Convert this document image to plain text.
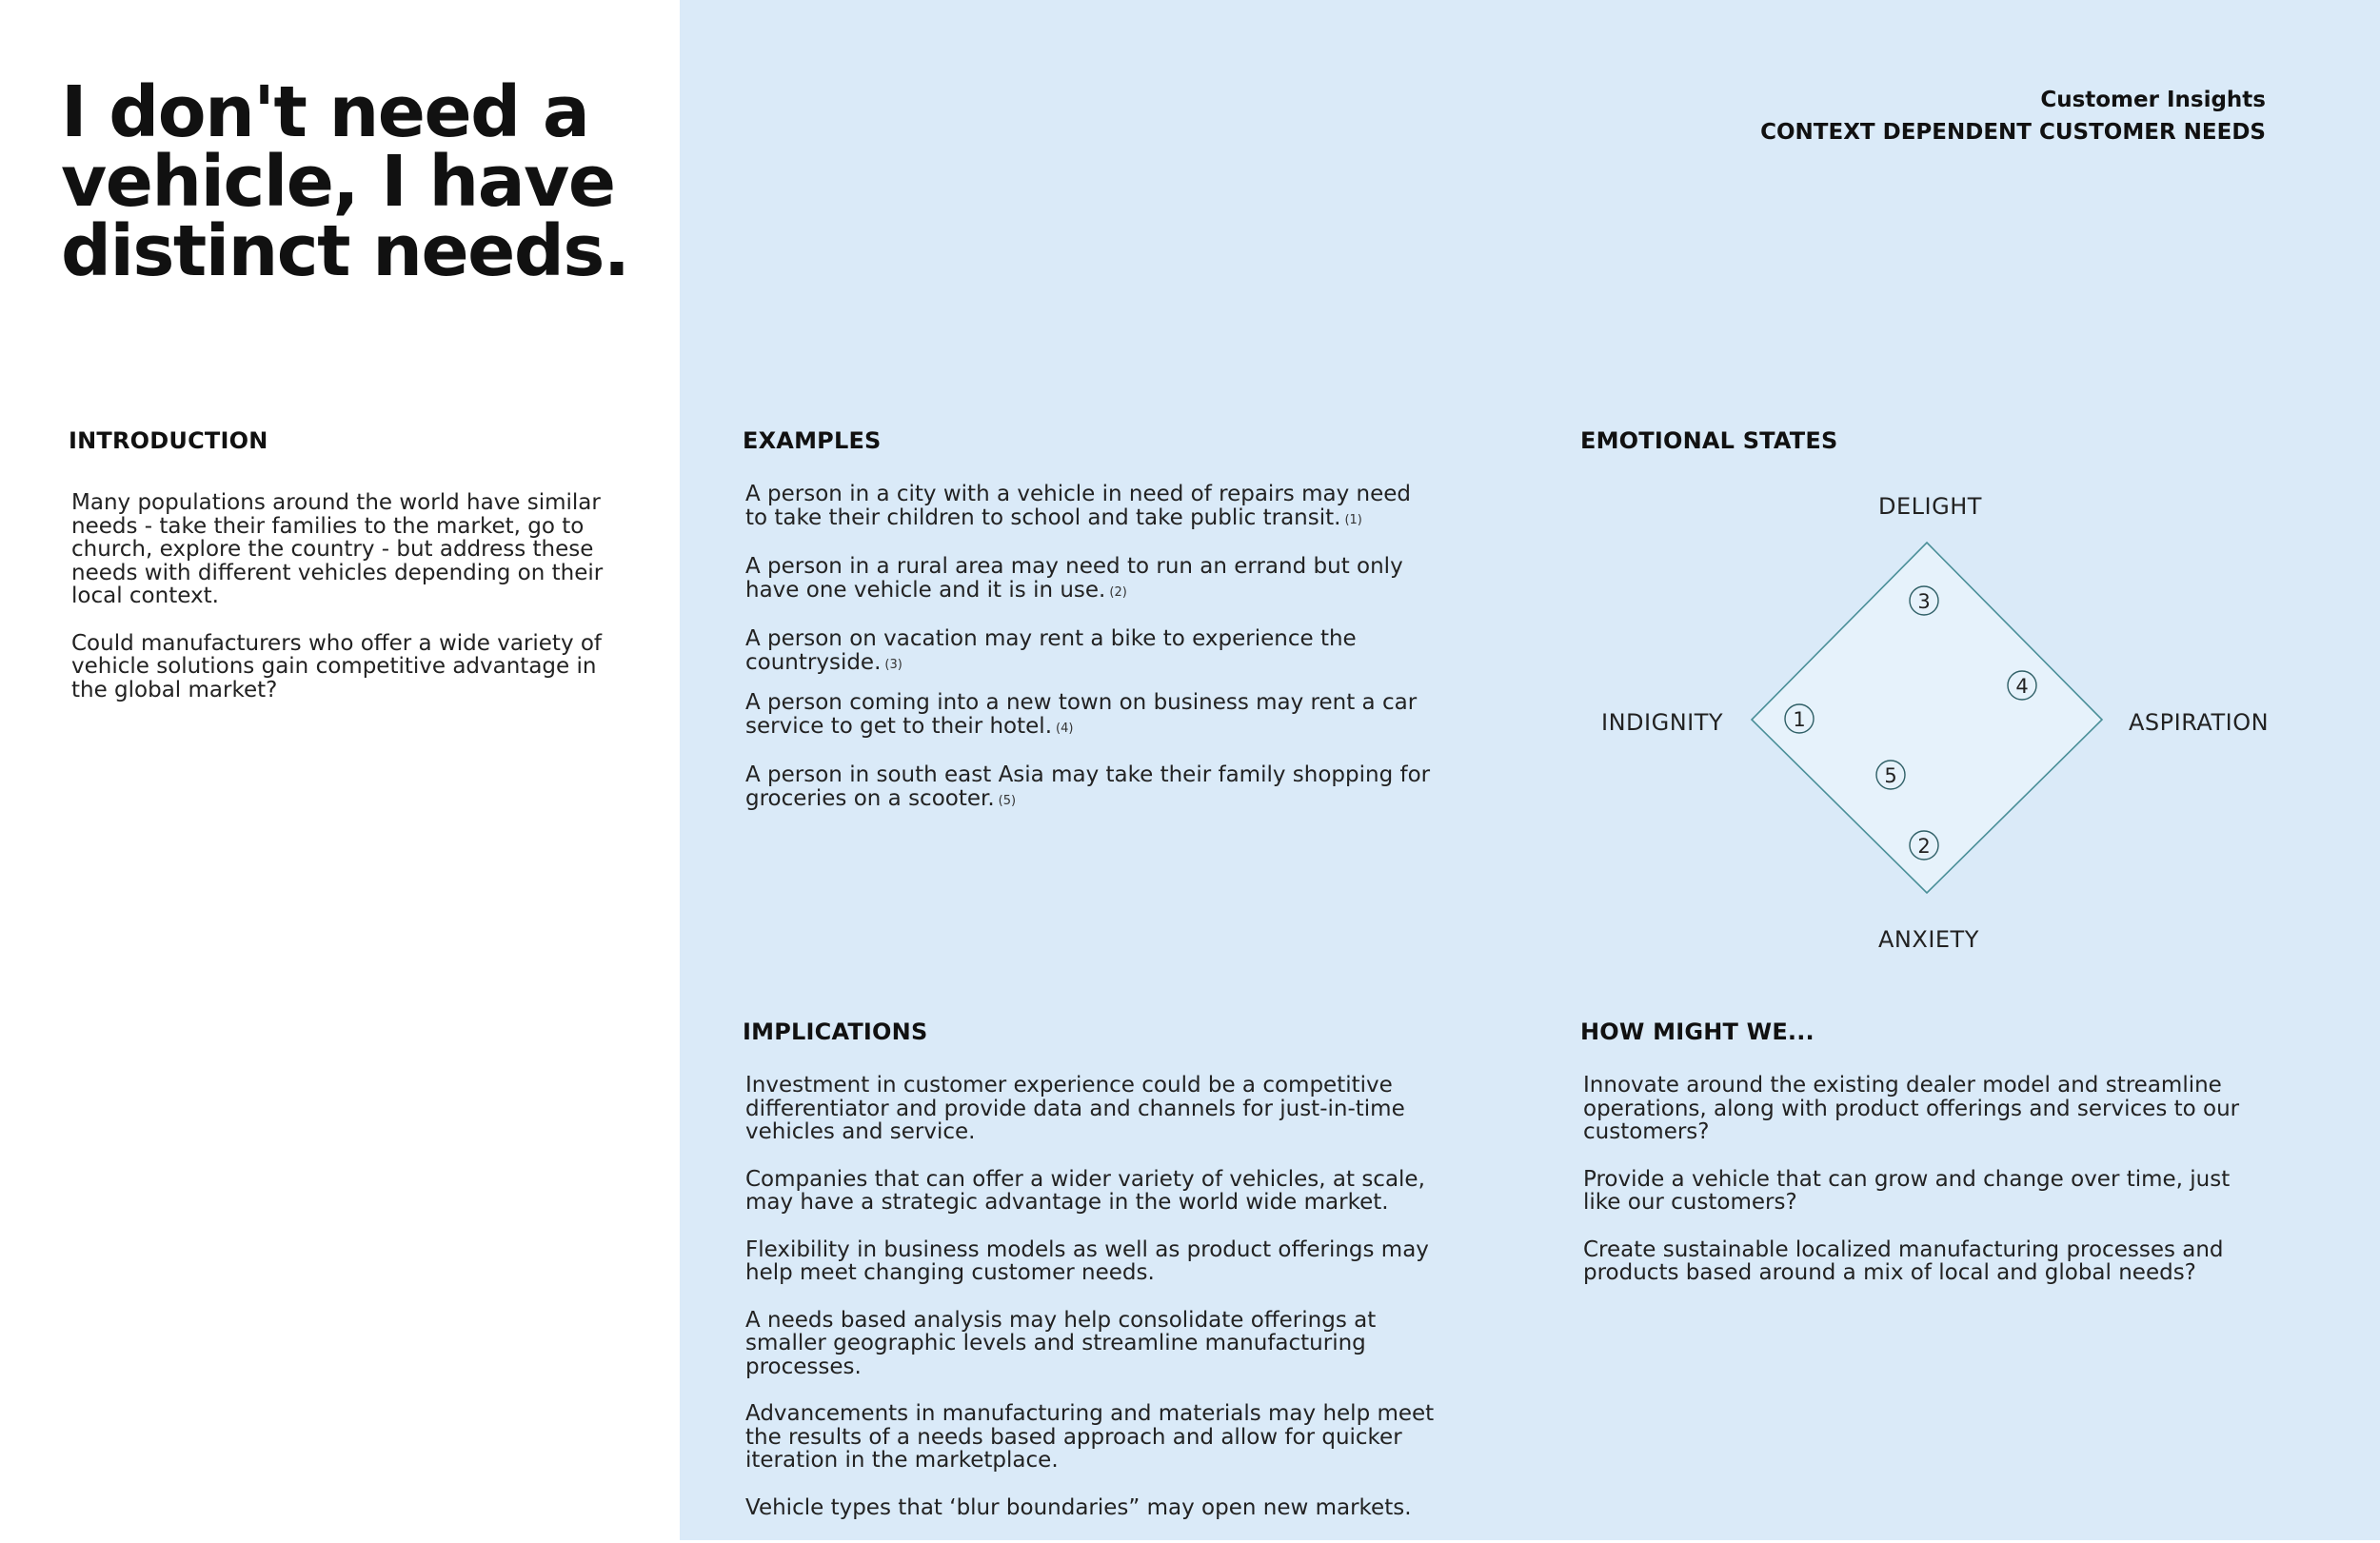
I don't need a
vehicle, I have
distinct needs.
Customer Insights
CONTEXT DEPENDENT CUSTOMER NEEDS
INTRODUCTION

Many populations around the world have similar needs - take their families to the market, go to church, explore the country - but address these needs with different vehicles depending on their local context.

Could manufacturers who offer a wide variety of vehicle solutions gain competitive advantage in the global market?

EXAMPLES

A person in a city with a vehicle in need of repairs may need to take their children to school and take public transit. (1)

A person in a rural area may need to run an errand but only have one vehicle and it is in use. (2)

A person on vacation may rent a bike to experience the countryside. (3)

A person coming into a new town on business may rent a car service to get to their hotel. (4)

A person in south east Asia may take their family shopping for groceries on a scooter. (5)

EMOTIONAL STATES
DELIGHT
ANXIETY
INDIGNITY	ASPIRATION
1
2
3
4
5
IMPLICATIONS

Investment in customer experience could be a competitive differentiator and provide data and channels for just-in-time vehicles and service.

Companies that can offer a wider variety of vehicles, at scale, may have a strategic advantage in the world wide market.

Flexibility in business models as well as product offerings may help meet changing customer needs.

A needs based analysis may help consolidate offerings at smaller geographic levels and streamline manufacturing processes.

Advancements in manufacturing and materials may help meet the results of a needs based approach and allow for quicker iteration in the marketplace.

Vehicle types that ‘blur boundaries” may open new markets.

HOW MIGHT WE...

Innovate around the existing dealer model and streamline operations, along with product offerings and services to our customers?

Provide a vehicle that can grow and change over time, just like our customers?

Create sustainable localized manufacturing processes and products based around a mix of local and global needs?
